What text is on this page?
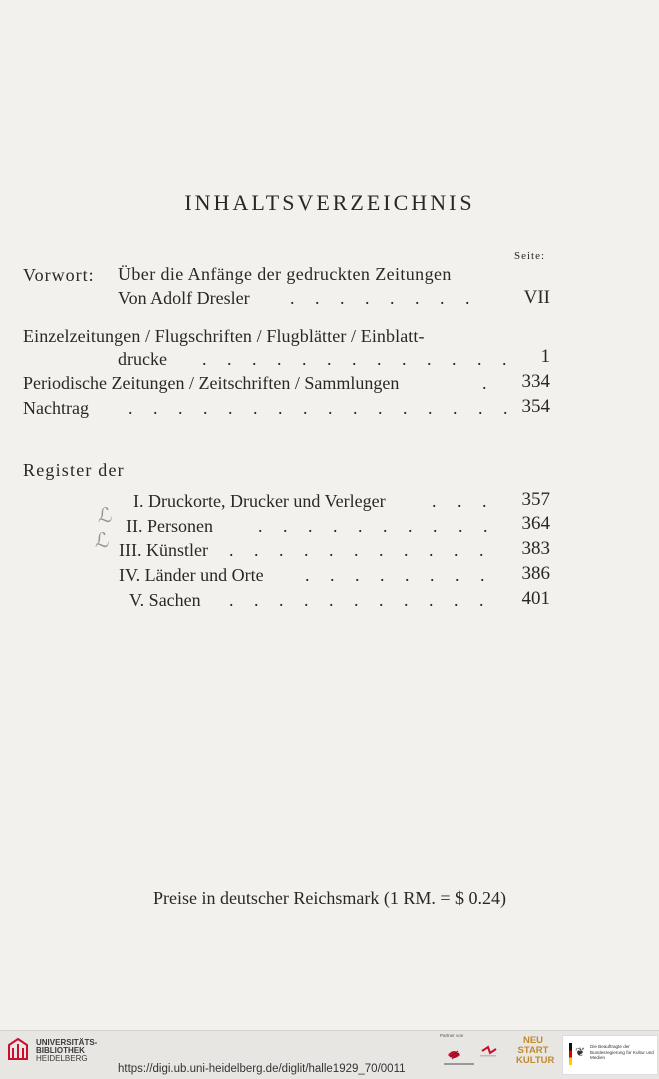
INHALTSVERZEICHNIS
Seite:
Vorwort: Über die Anfänge der gedruckten Zeitungen
Von Adolf Dresler . . . . . . . . VII
Einzelzeitungen / Flugschriften / Flugblätter / Einblatt-
drucke . . . . . . . . . . . . . 1
Periodische Zeitungen / Zeitschriften / Sammlungen	. 334
Nachtrag . . . . . . . . . . . . . . . . 354
Register der
I. Druckorte, Drucker und Verleger	. . . 357
II. Personen	. . . . . . . . . . 364
III. Künstler . . . . . . . . . . . 383
IV. Länder und Orte . . . . . . . . 386
V. Sachen . . . . . . . . . . . 401
ℒ
ℒ
Preise in deutscher Reichsmark (1 RM. = $ 0.24)
UNIVERSITÄTS-
BIBLIOTHEK
HEIDELBERG
https://digi.ub.uni-heidelberg.de/diglit/halle1929_70/0011
Partner von	NEU
START
KULTUR
❦ Die Beauftragte der Bundesregierung für Kultur und Medien
